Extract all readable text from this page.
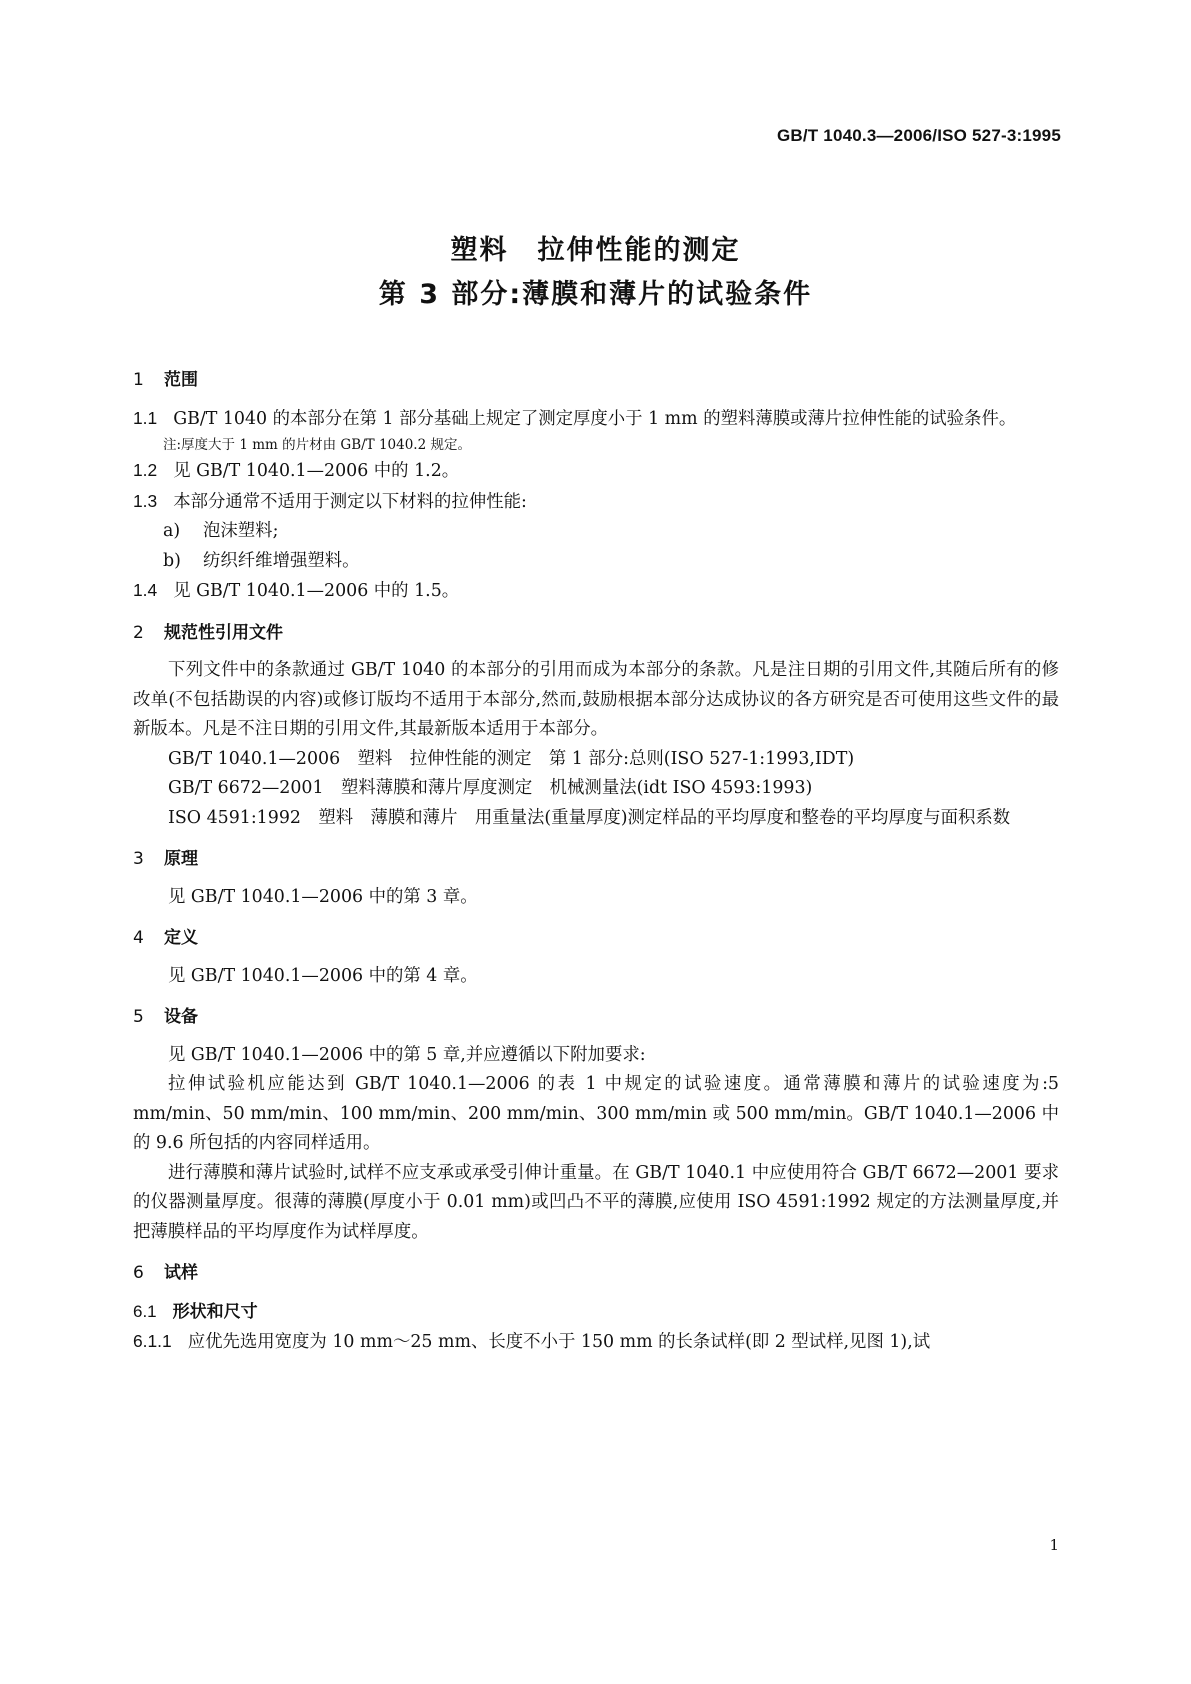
GB/T 1040.3—2006/ISO 527-3:1995
塑料　拉伸性能的测定
第 3 部分:薄膜和薄片的试验条件
1 范围
1.1 GB/T 1040 的本部分在第 1 部分基础上规定了测定厚度小于 1 mm 的塑料薄膜或薄片拉伸性能的试验条件。
注:厚度大于 1 mm 的片材由 GB/T 1040.2 规定。
1.2 见 GB/T 1040.1—2006 中的 1.2。
1.3 本部分通常不适用于测定以下材料的拉伸性能:
a) 泡沫塑料;
b) 纺织纤维增强塑料。
1.4 见 GB/T 1040.1—2006 中的 1.5。
2 规范性引用文件
下列文件中的条款通过 GB/T 1040 的本部分的引用而成为本部分的条款。凡是注日期的引用文件,其随后所有的修改单(不包括勘误的内容)或修订版均不适用于本部分,然而,鼓励根据本部分达成协议的各方研究是否可使用这些文件的最新版本。凡是不注日期的引用文件,其最新版本适用于本部分。
GB/T 1040.1—2006　塑料　拉伸性能的测定　第 1 部分:总则(ISO 527-1:1993,IDT)
GB/T 6672—2001　塑料薄膜和薄片厚度测定　机械测量法(idt ISO 4593:1993)
ISO 4591:1992　塑料　薄膜和薄片　用重量法(重量厚度)测定样品的平均厚度和整卷的平均厚度与面积系数
3 原理
见 GB/T 1040.1—2006 中的第 3 章。
4 定义
见 GB/T 1040.1—2006 中的第 4 章。
5 设备
见 GB/T 1040.1—2006 中的第 5 章,并应遵循以下附加要求:
拉伸试验机应能达到 GB/T 1040.1—2006 的表 1 中规定的试验速度。通常薄膜和薄片的试验速度为:5 mm/min、50 mm/min、100 mm/min、200 mm/min、300 mm/min 或 500 mm/min。GB/T 1040.1—2006 中的 9.6 所包括的内容同样适用。
进行薄膜和薄片试验时,试样不应支承或承受引伸计重量。在 GB/T 1040.1 中应使用符合 GB/T 6672—2001 要求的仪器测量厚度。很薄的薄膜(厚度小于 0.01 mm)或凹凸不平的薄膜,应使用 ISO 4591:1992 规定的方法测量厚度,并把薄膜样品的平均厚度作为试样厚度。
6 试样
6.1 形状和尺寸
6.1.1 应优先选用宽度为 10 mm～25 mm、长度不小于 150 mm 的长条试样(即 2 型试样,见图 1),试
1
